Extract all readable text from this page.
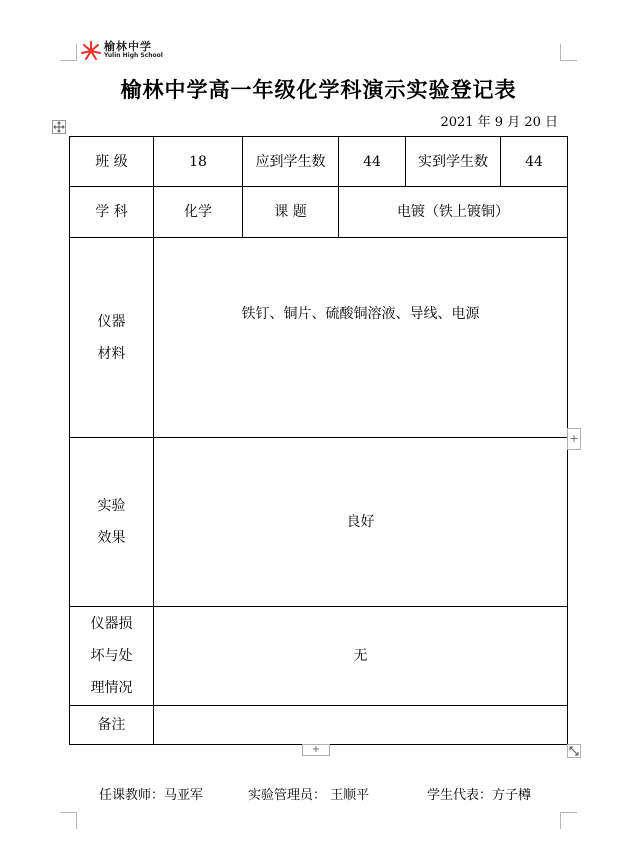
榆林中学
Yulin High School
榆林中学高一年级化学科演示实验登记表
2021 年 9 月 20 日
班 级	18	应到学生数	44	实到学生数	44
学 科	化学	课 题	电镀（铁上镀铜）		

仪器
材料	铁钉、铜片、硫酸铜溶液、导线、电源				

实验
效果	良好				

仪器损
坏与处
理情况	无				
备注					
+
+
任课教师：马亚军	实验管理员： 王顺平	学生代表：方子樽
